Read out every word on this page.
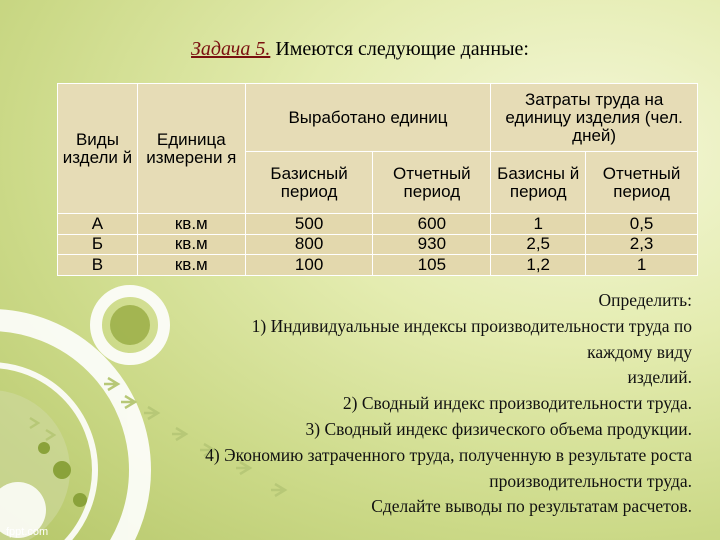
Задача 5. Имеются следующие данные:
Виды издели й	Единица измерени я	Выработано единиц		Затраты труда на единицу изделия (чел. дней)	
		Базисный период	Отчетный период	Базисны й период	Отчетный период
А	кв.м	500	600	1	0,5
Б	кв.м	800	930	2,5	2,3
В	кв.м	100	105	1,2	1
Определить:
1) Индивидуальные индексы производительности труда по
каждому виду
изделий.
2) Сводный индекс производительности труда.
3) Сводный индекс физического объема продукции.
4) Экономию затраченного труда, полученную в результате роста
производительности труда.
Сделайте выводы по результатам расчетов.
fppt.com
